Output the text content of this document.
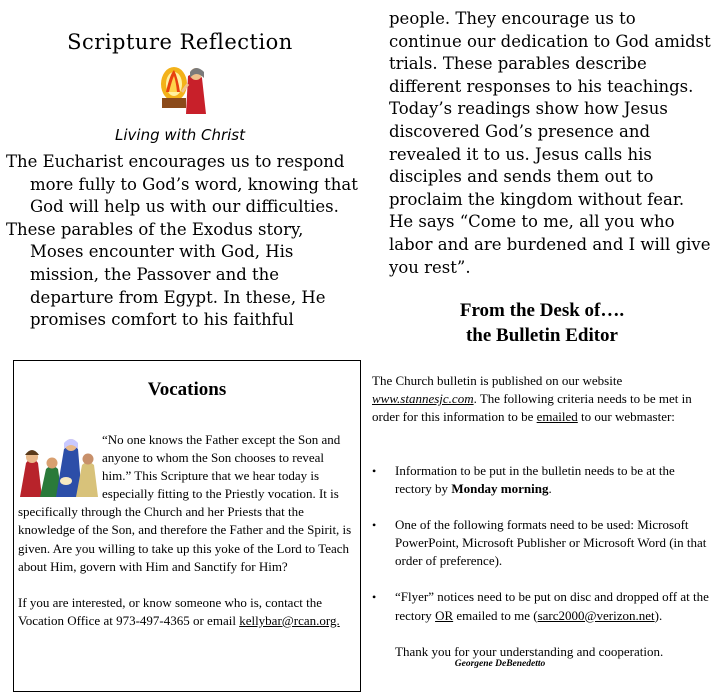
Scripture Reflection
Living with Christ

The Eucharist encourages us to respond more fully to God’s word, knowing that God will help us with our difficulties.

These parables of the Exodus story, Moses encounter with God, His mission, the Passover and the departure from Egypt. In these, He promises comfort to his faithful

people. They encourage us to continue our dedication to God amidst trials. These parables describe different responses to his teachings. Today’s readings show how Jesus discovered God’s presence and revealed it to us. Jesus calls his disciples and sends them out to proclaim the kingdom without fear. He says “Come to me, all you who labor and are burdened and I will give you rest”.

From the Desk of….
the Bulletin Editor
Vocations

“No one knows the Father except the Son and anyone to whom the Son chooses to reveal him.” This Scripture that we hear today is especially fitting to the Priestly vocation. It is specifically through the Church and her Priests that the knowledge of the Son, and therefore the Father and the Spirit, is given. Are you willing to take up this yoke of the Lord to Teach about Him, govern with Him and Sanctify for Him?

If you are interested, or know someone who is, contact the Vocation Office at 973-497-4365 or email kellybar@rcan.org.

The Church bulletin is published on our website www.stannesjc.com. The following criteria needs to be met in order for this information to be emailed to our webmaster:
• Information to be put in the bulletin needs to be at the rectory by Monday morning.
• One of the following formats need to be used: Microsoft PowerPoint, Microsoft Publisher or Microsoft Word (in that order of preference).
• “Flyer” notices need to be put on disc and dropped off at the rectory OR emailed to me (sarc2000@verizon.net).
Thank you for your understanding and cooperation.
Georgene DeBenedetto
